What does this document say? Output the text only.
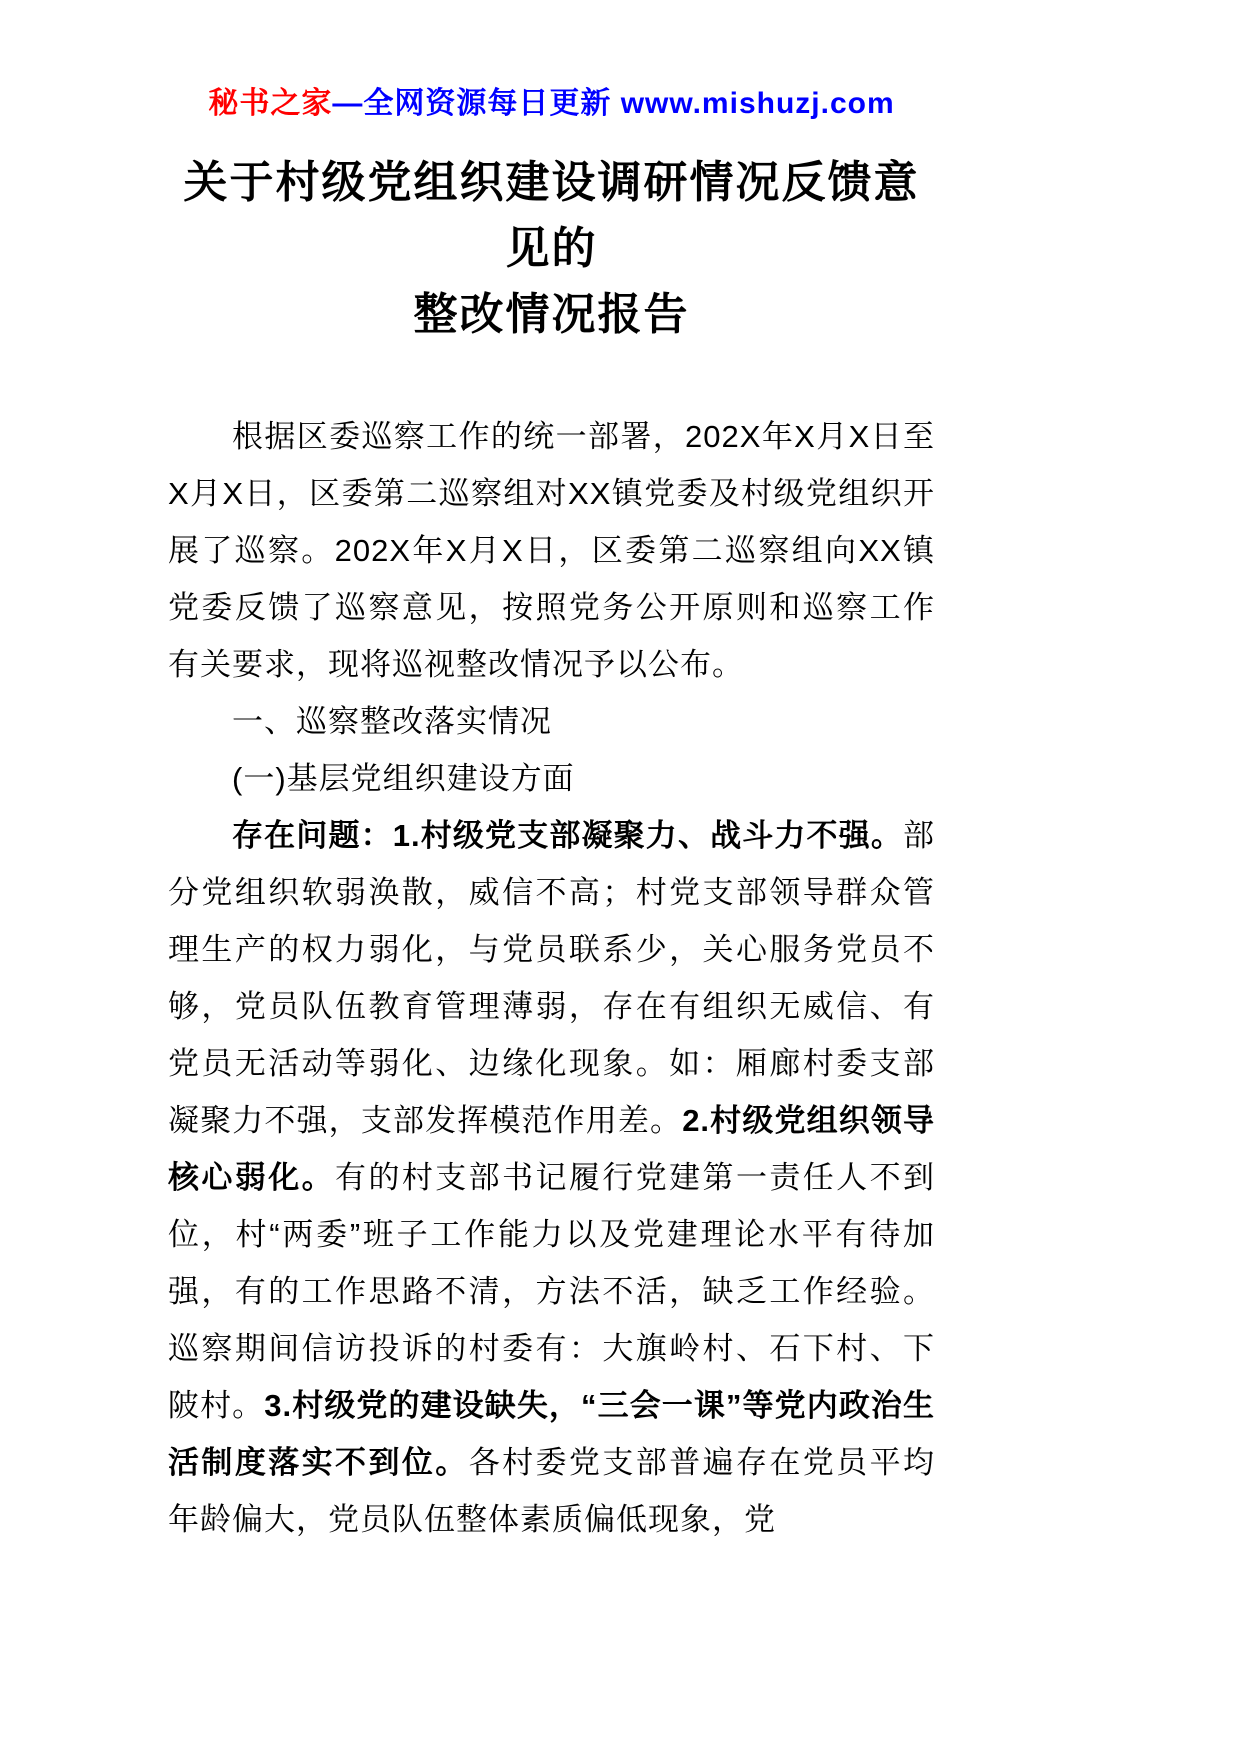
秘书之家—全网资源每日更新 www.mishuzj.com
关于村级党组织建设调研情况反馈意见的
整改情况报告

根据区委巡察工作的统一部署，202X年X月X日至X月X日，区委第二巡察组对XX镇党委及村级党组织开展了巡察。202X年X月X日，区委第二巡察组向XX镇党委反馈了巡察意见，按照党务公开原则和巡察工作有关要求，现将巡视整改情况予以公布。

一、巡察整改落实情况

(一)基层党组织建设方面

存在问题：1.村级党支部凝聚力、战斗力不强。部分党组织软弱涣散，威信不高；村党支部领导群众管理生产的权力弱化，与党员联系少，关心服务党员不够，党员队伍教育管理薄弱，存在有组织无威信、有党员无活动等弱化、边缘化现象。如：厢廊村委支部凝聚力不强，支部发挥模范作用差。2.村级党组织领导核心弱化。有的村支部书记履行党建第一责任人不到位，村“两委”班子工作能力以及党建理论水平有待加强，有的工作思路不清，方法不活，缺乏工作经验。巡察期间信访投诉的村委有：大旗岭村、石下村、下陂村。3.村级党的建设缺失，“三会一课”等党内政治生活制度落实不到位。各村委党支部普遍存在党员平均年龄偏大，党员队伍整体素质偏低现象，党
